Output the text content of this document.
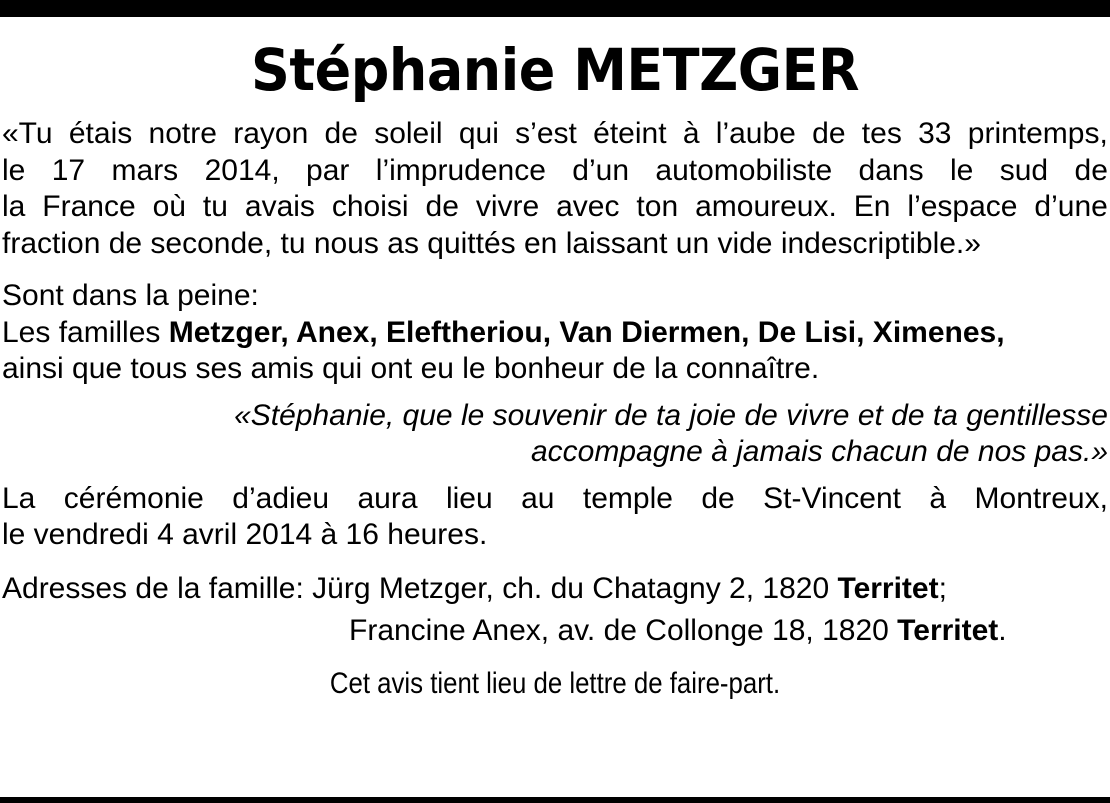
Stéphanie METZGER
«Tu étais notre rayon de soleil qui s’est éteint à l’aube de tes 33 printemps,
le 17 mars 2014, par l’imprudence d’un automobiliste dans le sud de
la France où tu avais choisi de vivre avec ton amoureux. En l’espace d’une
fraction de seconde, tu nous as quittés en laissant un vide indescriptible.»
Sont dans la peine:
Les familles Metzger, Anex, Eleftheriou, Van Diermen, De Lisi, Ximenes,
ainsi que tous ses amis qui ont eu le bonheur de la connaître.
«Stéphanie, que le souvenir de ta joie de vivre et de ta gentillesse
accompagne à jamais chacun de nos pas.»
La cérémonie d’adieu aura lieu au temple de St-Vincent à Montreux,
le vendredi 4 avril 2014 à 16 heures.
Adresses de la famille: Jürg Metzger, ch. du Chatagny 2, 1820 Territet;
Francine Anex, av. de Collonge 18, 1820 Territet.
Cet avis tient lieu de lettre de faire-part.
